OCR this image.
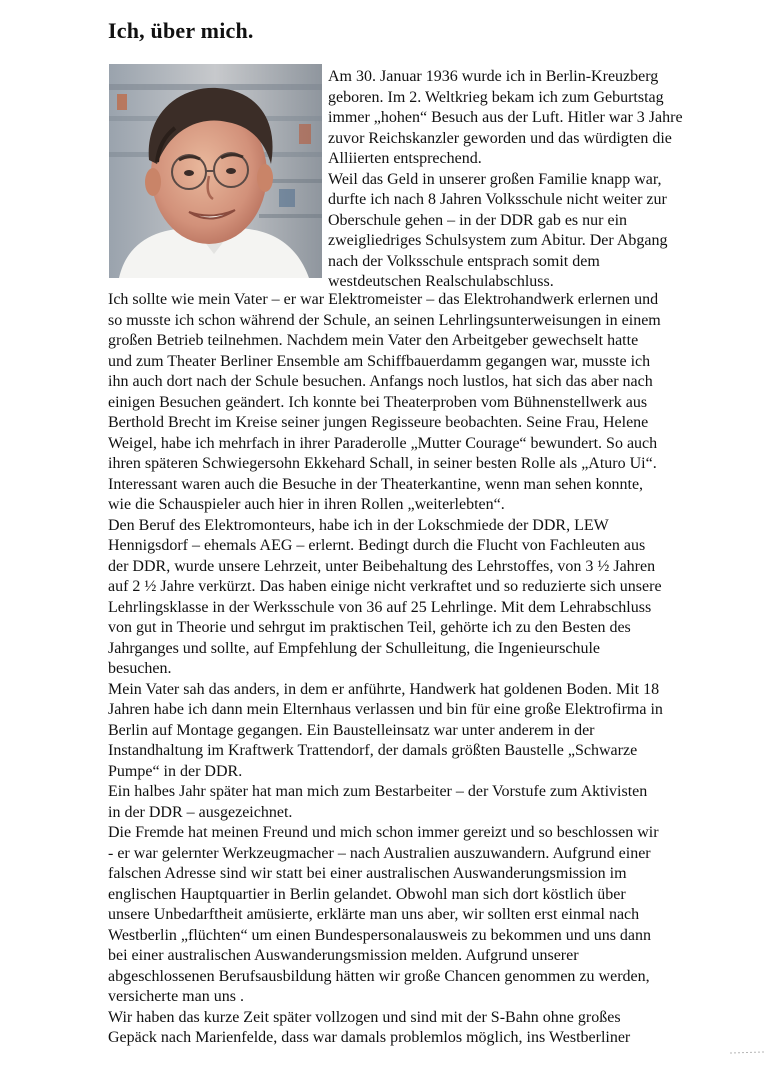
Ich, über mich.
Am 30. Januar 1936 wurde ich in Berlin-Kreuzberg
geboren. Im 2. Weltkrieg bekam ich zum Geburtstag
immer „hohen“ Besuch aus der Luft. Hitler war 3 Jahre
zuvor Reichskanzler geworden und das würdigten die
Alliierten entsprechend.
Weil das Geld in unserer großen Familie knapp war,
durfte ich nach 8 Jahren Volksschule nicht weiter zur
Oberschule gehen – in der DDR gab es nur ein
zweigliedriges Schulsystem zum Abitur. Der Abgang
nach der Volksschule entsprach somit dem
westdeutschen Realschulabschluss.
Ich sollte wie mein Vater – er war Elektromeister – das Elektrohandwerk erlernen und
so musste ich schon während der Schule, an seinen Lehrlingsunterweisungen in einem
großen Betrieb teilnehmen. Nachdem mein Vater den Arbeitgeber gewechselt hatte
und zum Theater Berliner Ensemble am Schiffbauerdamm gegangen war, musste ich
ihn auch dort nach der Schule besuchen. Anfangs noch lustlos, hat sich das aber nach
einigen Besuchen geändert. Ich konnte bei Theaterproben vom Bühnenstellwerk aus
Berthold Brecht im Kreise seiner jungen Regisseure beobachten. Seine Frau, Helene
Weigel, habe ich mehrfach in ihrer Paraderolle „Mutter Courage“ bewundert. So auch
ihren späteren Schwiegersohn Ekkehard Schall, in seiner besten Rolle als „Aturo Ui“.
Interessant waren auch die Besuche in der Theaterkantine, wenn man sehen konnte,
wie die Schauspieler auch hier in ihren Rollen „weiterlebten“.
Den Beruf des Elektromonteurs, habe ich in der Lokschmiede der DDR, LEW
Hennigsdorf – ehemals AEG – erlernt. Bedingt durch die Flucht von Fachleuten aus
der DDR, wurde unsere Lehrzeit, unter Beibehaltung des Lehrstoffes, von 3 ½ Jahren
auf 2 ½ Jahre verkürzt. Das haben einige nicht verkraftet und so reduzierte sich unsere
Lehrlingsklasse in der Werksschule von 36 auf 25 Lehrlinge. Mit dem Lehrabschluss
von gut in Theorie und sehrgut im praktischen Teil, gehörte ich zu den Besten des
Jahrganges und sollte, auf Empfehlung der Schulleitung, die Ingenieurschule
besuchen.
Mein Vater sah das anders, in dem er anführte, Handwerk hat goldenen Boden. Mit 18
Jahren habe ich dann mein Elternhaus verlassen und bin für eine große Elektrofirma in
Berlin auf Montage gegangen. Ein Baustelleinsatz war unter anderem in der
Instandhaltung im Kraftwerk Trattendorf, der damals größten Baustelle „Schwarze
Pumpe“ in der DDR.
Ein halbes Jahr später hat man mich zum Bestarbeiter – der Vorstufe zum Aktivisten
in der DDR – ausgezeichnet.
Die Fremde hat meinen Freund und mich schon immer gereizt und so beschlossen wir
- er war gelernter Werkzeugmacher – nach Australien auszuwandern. Aufgrund einer
falschen Adresse sind wir statt bei einer australischen Auswanderungsmission im
englischen Hauptquartier in Berlin gelandet. Obwohl man sich dort köstlich über
unsere Unbedarftheit amüsierte, erklärte man uns aber, wir sollten erst einmal nach
Westberlin „flüchten“ um einen Bundespersonalausweis zu bekommen und uns dann
bei einer australischen Auswanderungsmission melden. Aufgrund unserer
abgeschlossenen Berufsausbildung hätten wir große Chancen genommen zu werden,
versicherte man uns .
Wir haben das kurze Zeit später vollzogen und sind mit der S-Bahn ohne großes
Gepäck nach Marienfelde, dass war damals problemlos möglich, ins Westberliner
